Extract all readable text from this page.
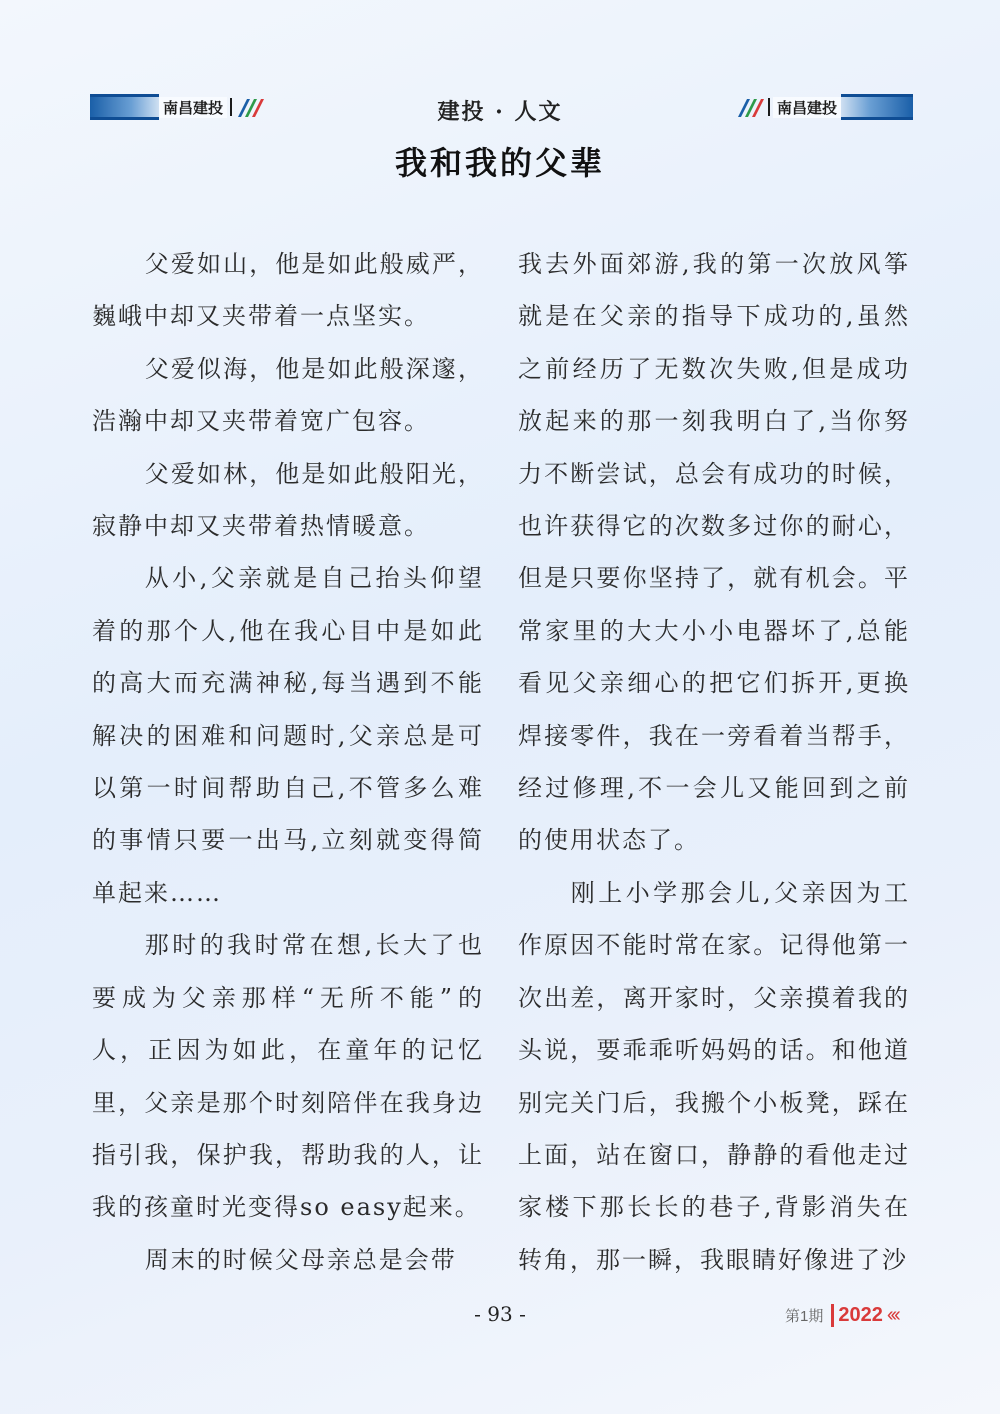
南昌建投	南昌建投
建投 · 人文
我和我的父辈

父爱如山，他是如此般威严，巍峨中却又夹带着一点坚实。

父爱似海，他是如此般深邃，浩瀚中却又夹带着宽广包容。

父爱如林，他是如此般阳光，寂静中却又夹带着热情暖意。

从小,父亲就是自己抬头仰望着的那个人,他在我心目中是如此的高大而充满神秘,每当遇到不能解决的困难和问题时,父亲总是可以第一时间帮助自己,不管多么难的事情只要一出马,立刻就变得简单起来……

那时的我时常在想,长大了也要成为父亲那样“无所不能”的人，正因为如此，在童年的记忆里，父亲是那个时刻陪伴在我身边指引我，保护我，帮助我的人，让我的孩童时光变得so easy起来。

周末的时候父母亲总是会带

我去外面郊游,我的第一次放风筝就是在父亲的指导下成功的,虽然之前经历了无数次失败,但是成功放起来的那一刻我明白了,当你努力不断尝试，总会有成功的时候，也许获得它的次数多过你的耐心，但是只要你坚持了，就有机会。平常家里的大大小小电器坏了,总能看见父亲细心的把它们拆开,更换焊接零件，我在一旁看着当帮手，经过修理,不一会儿又能回到之前的使用状态了。

刚上小学那会儿,父亲因为工作原因不能时常在家。记得他第一次出差，离开家时，父亲摸着我的头说，要乖乖听妈妈的话。和他道别完关门后，我搬个小板凳，踩在上面，站在窗口，静静的看他走过家楼下那长长的巷子,背影消失在转角，那一瞬，我眼睛好像进了沙

- 93 -	第1期 2022 ‹‹‹
